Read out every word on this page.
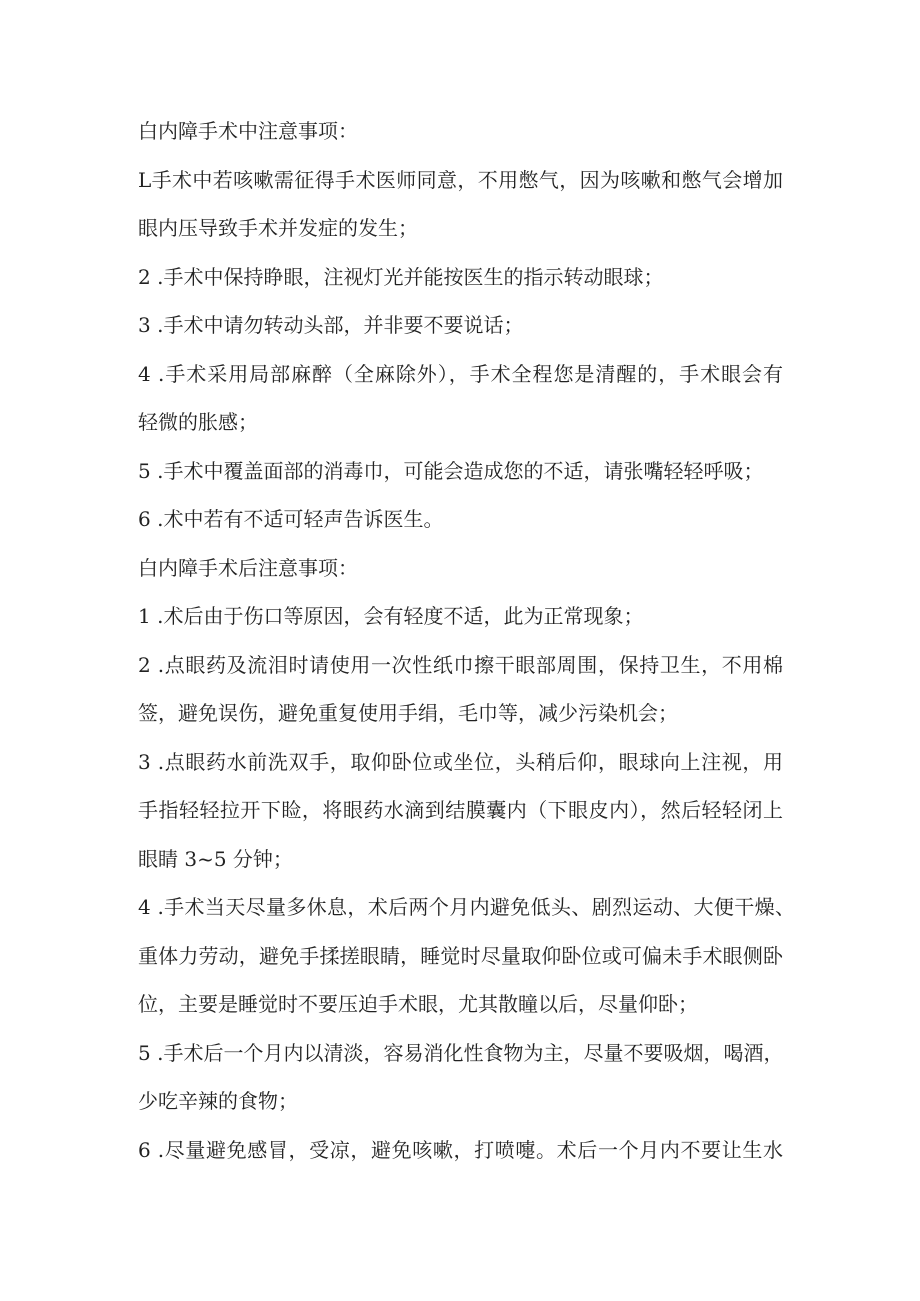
白内障手术中注意事项：
L手术中若咳嗽需征得手术医师同意，不用憋气，因为咳嗽和憋气会增加
眼内压导致手术并发症的发生；
2 .手术中保持睁眼，注视灯光并能按医生的指示转动眼球；
3 .手术中请勿转动头部，并非要不要说话；
4 .手术采用局部麻醉（全麻除外），手术全程您是清醒的，手术眼会有
轻微的胀感；
5 .手术中覆盖面部的消毒巾，可能会造成您的不适，请张嘴轻轻呼吸；
6 .术中若有不适可轻声告诉医生。
白内障手术后注意事项：
1 .术后由于伤口等原因，会有轻度不适，此为正常现象；
2 .点眼药及流泪时请使用一次性纸巾擦干眼部周围，保持卫生，不用棉
签，避免误伤，避免重复使用手绢，毛巾等，减少污染机会；
3 .点眼药水前洗双手，取仰卧位或坐位，头稍后仰，眼球向上注视，用
手指轻轻拉开下睑，将眼药水滴到结膜囊内（下眼皮内），然后轻轻闭上
眼睛 3~5 分钟；
4 .手术当天尽量多休息，术后两个月内避免低头、剧烈运动、大便干燥、
重体力劳动，避免手揉搓眼睛，睡觉时尽量取仰卧位或可偏未手术眼侧卧
位，主要是睡觉时不要压迫手术眼，尤其散瞳以后，尽量仰卧；
5 .手术后一个月内以清淡，容易消化性食物为主，尽量不要吸烟，喝酒，
少吃辛辣的食物；
6 .尽量避免感冒，受凉，避免咳嗽，打喷嚏。术后一个月内不要让生水
